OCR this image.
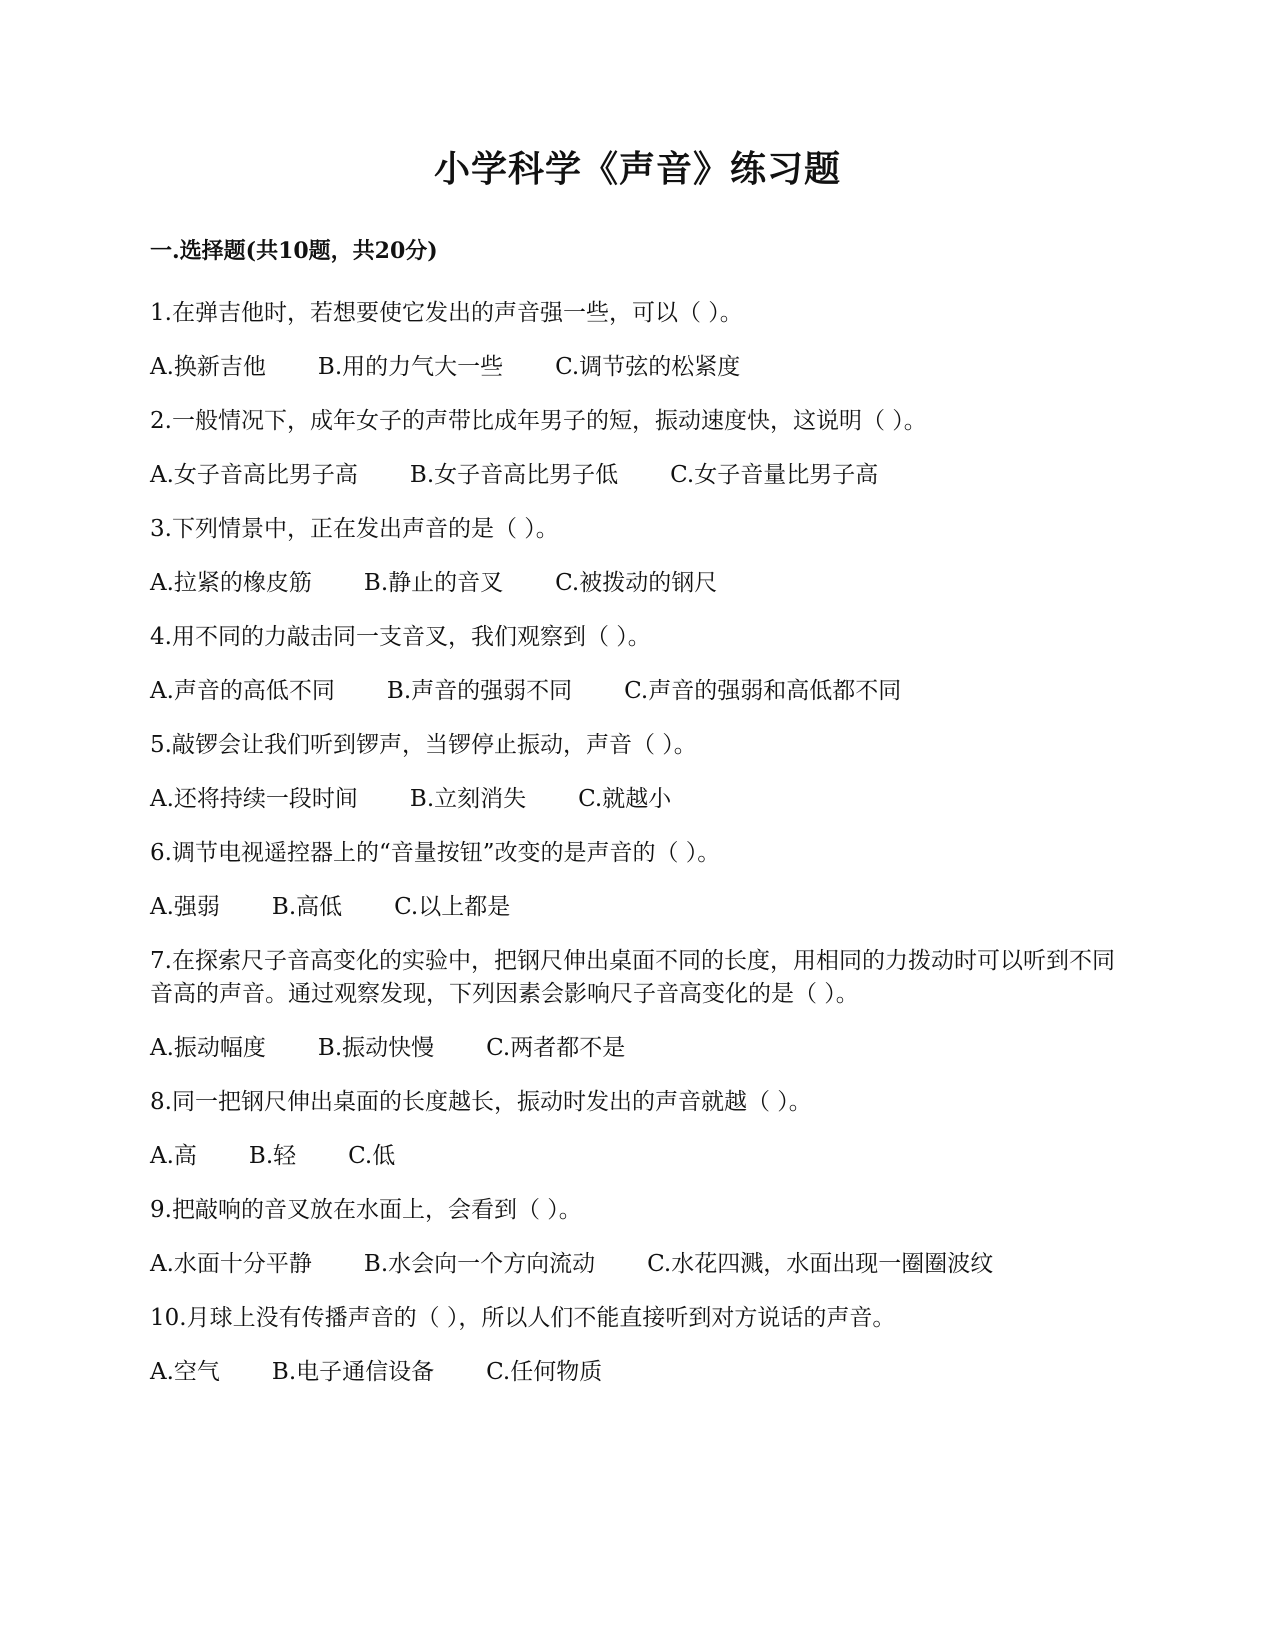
小学科学《声音》练习题
一.选择题(共10题，共20分)

1.在弹吉他时，若想要使它发出的声音强一些，可以（ ）。

A.换新吉他 B.用的力气大一些 C.调节弦的松紧度

2.一般情况下，成年女子的声带比成年男子的短，振动速度快，这说明（ ）。

A.女子音高比男子高 B.女子音高比男子低 C.女子音量比男子高

3.下列情景中，正在发出声音的是（ ）。

A.拉紧的橡皮筋 B.静止的音叉 C.被拨动的钢尺

4.用不同的力敲击同一支音叉，我们观察到（ ）。

A.声音的高低不同 B.声音的强弱不同 C.声音的强弱和高低都不同

5.敲锣会让我们听到锣声，当锣停止振动，声音（ ）。

A.还将持续一段时间 B.立刻消失 C.就越小

6.调节电视遥控器上的“音量按钮”改变的是声音的（ ）。

A.强弱 B.高低 C.以上都是

7.在探索尺子音高变化的实验中，把钢尺伸出桌面不同的长度，用相同的力拨动时可以听到不同音高的声音。通过观察发现，下列因素会影响尺子音高变化的是（ ）。

A.振动幅度 B.振动快慢 C.两者都不是

8.同一把钢尺伸出桌面的长度越长，振动时发出的声音就越（ ）。

A.高 B.轻 C.低

9.把敲响的音叉放在水面上，会看到（ ）。

A.水面十分平静 B.水会向一个方向流动 C.水花四溅，水面出现一圈圈波纹

10.月球上没有传播声音的（ ），所以人们不能直接听到对方说话的声音。

A.空气 B.电子通信设备 C.任何物质
